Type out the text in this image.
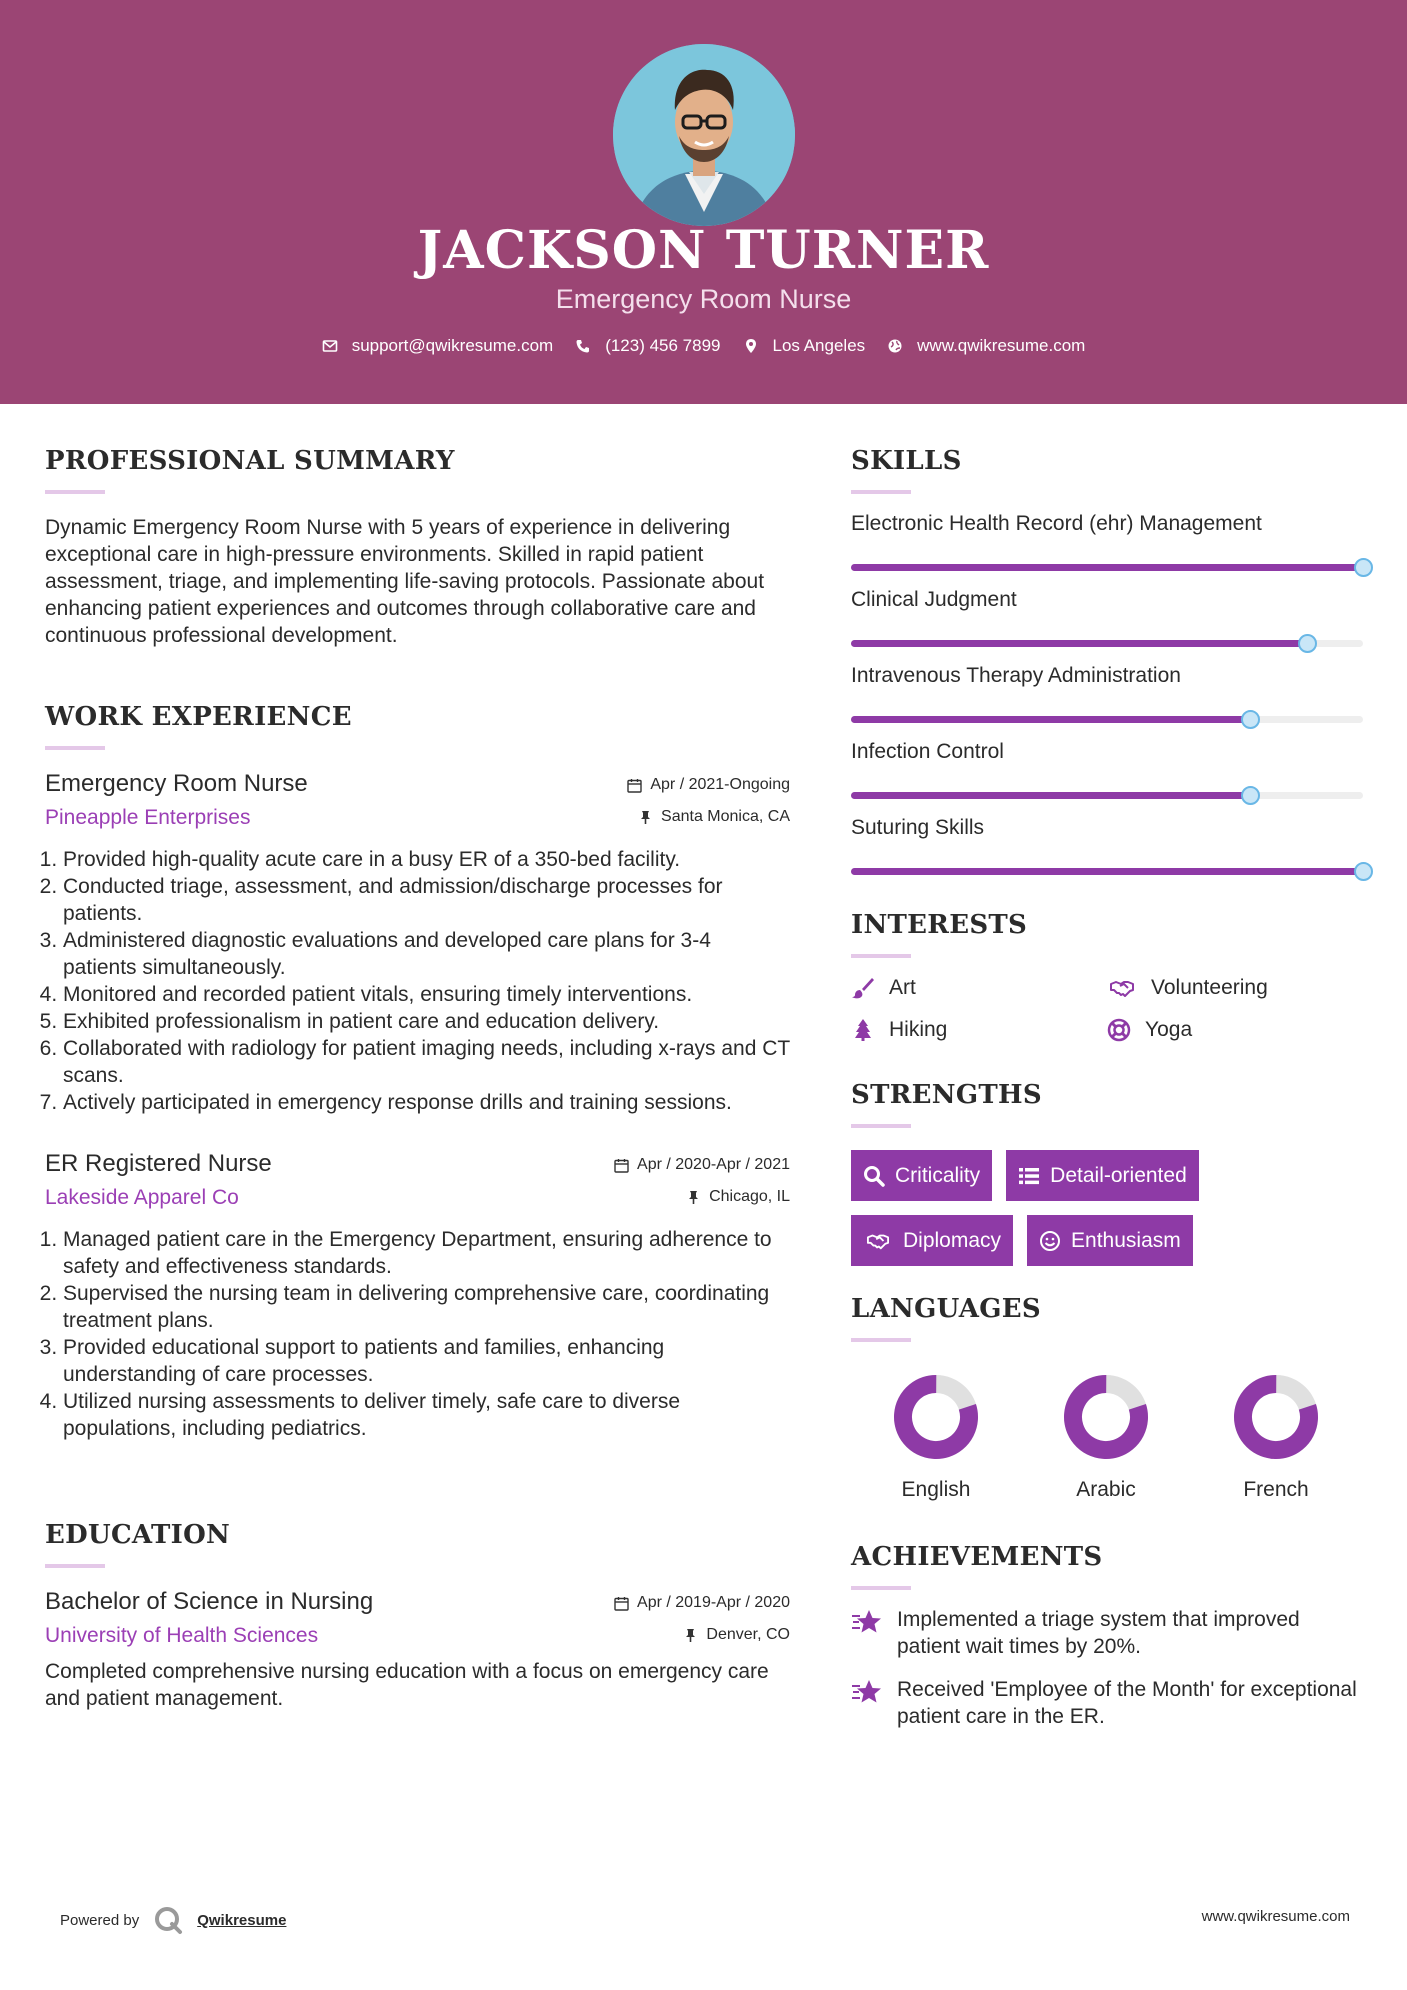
JACKSON TURNER
Emergency Room Nurse
support@qwikresume.com	(123) 456 7899	Los Angeles	www.qwikresume.com
PROFESSIONAL SUMMARY

Dynamic Emergency Room Nurse with 5 years of experience in delivering exceptional care in high-pressure environments. Skilled in rapid patient assessment, triage, and implementing life-saving protocols. Passionate about enhancing patient experiences and outcomes through collaborative care and continuous professional development.

WORK EXPERIENCE
Emergency Room Nurse
Pineapple Enterprises
Apr / 2021-Ongoing
Santa Monica, CA
1. Provided high-quality acute care in a busy ER of a 350-bed facility.
2. Conducted triage, assessment, and admission/discharge processes for patients.
3. Administered diagnostic evaluations and developed care plans for 3-4 patients simultaneously.
4. Monitored and recorded patient vitals, ensuring timely interventions.
5. Exhibited professionalism in patient care and education delivery.
6. Collaborated with radiology for patient imaging needs, including x-rays and CT scans.
7. Actively participated in emergency response drills and training sessions.
ER Registered Nurse
Lakeside Apparel Co
Apr / 2020-Apr / 2021
Chicago, IL
1. Managed patient care in the Emergency Department, ensuring adherence to safety and effectiveness standards.
2. Supervised the nursing team in delivering comprehensive care, coordinating treatment plans.
3. Provided educational support to patients and families, enhancing understanding of care processes.
4. Utilized nursing assessments to deliver timely, safe care to diverse populations, including pediatrics.
EDUCATION
Bachelor of Science in Nursing
University of Health Sciences
Apr / 2019-Apr / 2020
Denver, CO

Completed comprehensive nursing education with a focus on emergency care and patient management.

SKILLS
Electronic Health Record (ehr) Management
Clinical Judgment
Intravenous Therapy Administration
Infection Control
Suturing Skills
INTERESTS
Art	Volunteering
Hiking	Yoga
STRENGTHS
Criticality	Detail-oriented
Diplomacy	Enthusiasm
LANGUAGES
English	Arabic	French
ACHIEVEMENTS
Implemented a triage system that improved patient wait times by 20%.
Received 'Employee of the Month' for exceptional patient care in the ER.
Powered by	Qwikresume	www.qwikresume.com
